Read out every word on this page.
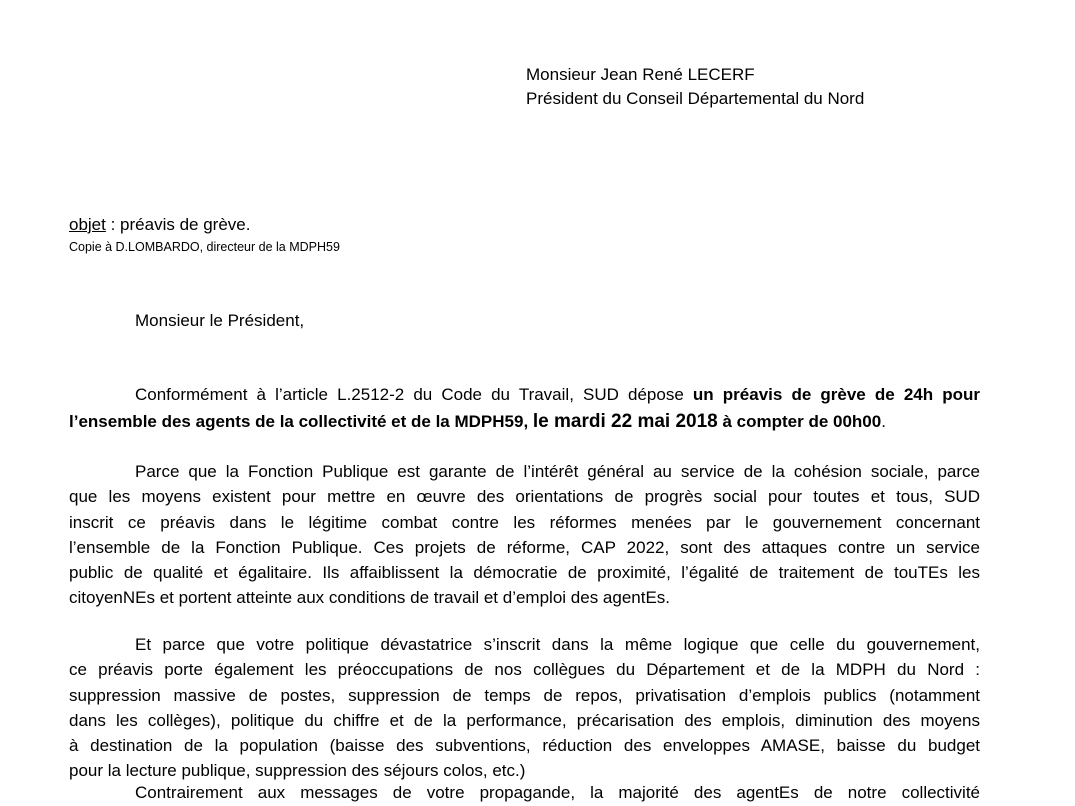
Monsieur Jean René LECERF
Président du Conseil Départemental du Nord
objet : préavis de grève.
Copie à D.LOMBARDO, directeur de la MDPH59
Monsieur le Président,
Conformément à l’article L.2512-2 du Code du Travail, SUD dépose un préavis de grève de 24h pour
l’ensemble des agents de la collectivité et de la MDPH59, le mardi 22 mai 2018 à compter de 00h00.
Parce que la Fonction Publique est garante de l’intérêt général au service de la cohésion sociale, parce
que les moyens existent pour mettre en œuvre des orientations de progrès social pour toutes et tous, SUD
inscrit ce préavis dans le légitime combat contre les réformes menées par le gouvernement concernant
l’ensemble de la Fonction Publique. Ces projets de réforme, CAP 2022, sont des attaques contre un service
public de qualité et égalitaire. Ils affaiblissent la démocratie de proximité, l’égalité de traitement de touTEs les
citoyenNEs et portent atteinte aux conditions de travail et d’emploi des agentEs.
Et parce que votre politique dévastatrice s’inscrit dans la même logique que celle du gouvernement,
ce préavis porte également les préoccupations de nos collègues du Département et de la MDPH du Nord :
suppression massive de postes, suppression de temps de repos, privatisation d’emplois publics (notamment
dans les collèges), politique du chiffre et de la performance, précarisation des emplois, diminution des moyens
à destination de la population (baisse des subventions, réduction des enveloppes AMASE, baisse du budget
pour la lecture publique, suppression des séjours colos, etc.)
Contrairement aux messages de votre propagande, la majorité des agentEs de notre collectivité
